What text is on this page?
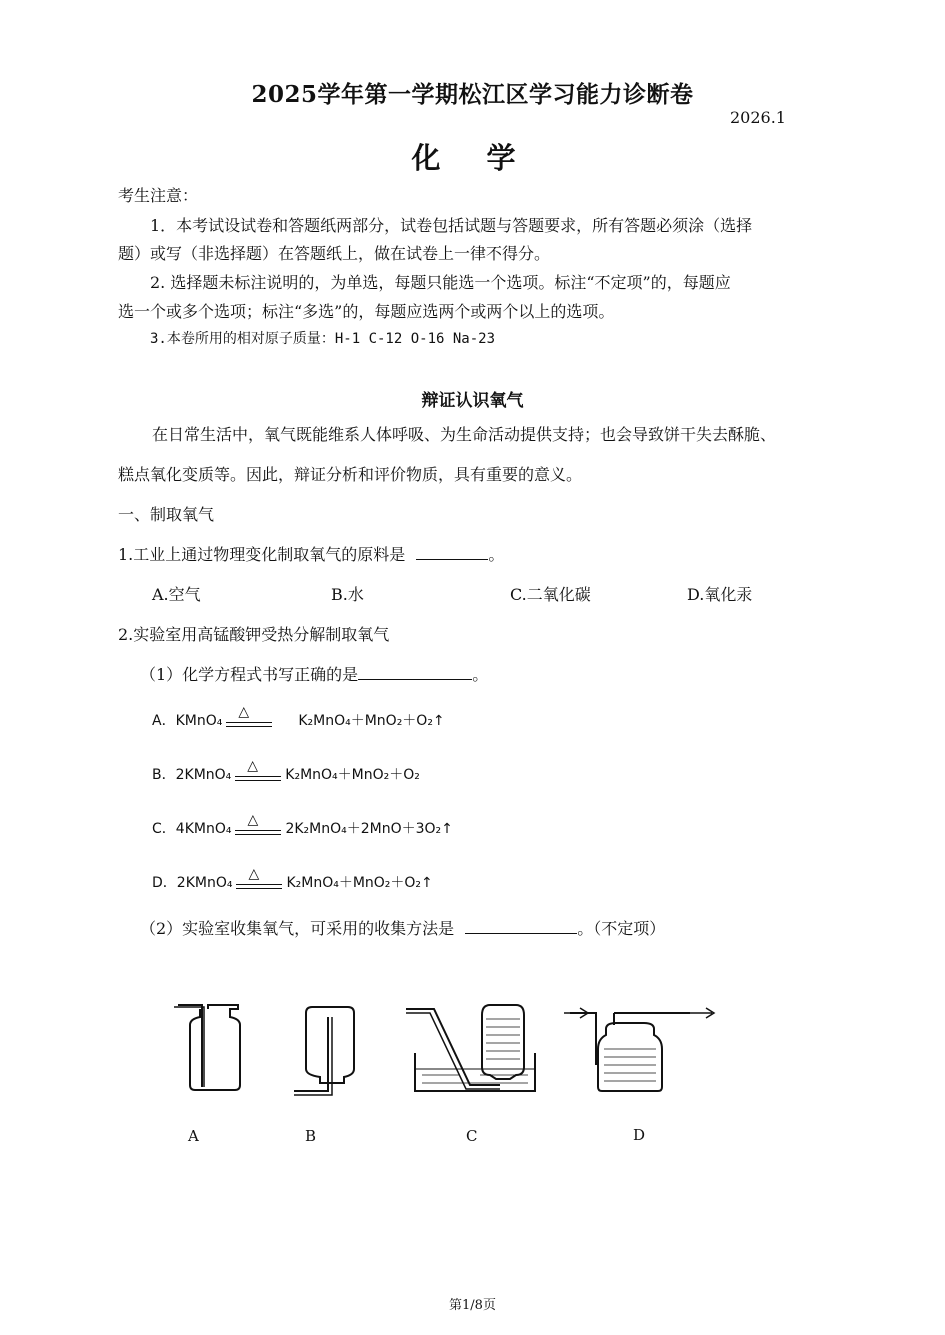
2025学年第一学期松江区学习能力诊断卷
2026.1
化 学
考生注意：
1．本考试设试卷和答题纸两部分，试卷包括试题与答题要求，所有答题必须涂（选择
题）或写（非选择题）在答题纸上，做在试卷上一律不得分。
2. 选择题未标注说明的，为单选，每题只能选一个选项。标注“不定项”的，每题应
选一个或多个选项；标注“多选”的，每题应选两个或两个以上的选项。
3.本卷所用的相对原子质量：H-1 C-12 O-16 Na-23
辩证认识氧气
在日常生活中，氧气既能维系人体呼吸、为生命活动提供支持；也会导致饼干失去酥脆、
糕点氧化变质等。因此，辩证分析和评价物质，具有重要的意义。
一、制取氧气
1.工业上通过物理变化制取氧气的原料是	。
A.空气	B.水	C.二氧化碳	D.氧化汞
2.实验室用高锰酸钾受热分解制取氧气
（1）化学方程式书写正确的是	。
A．KMnO₄
△
K₂MnO₄＋MnO₂＋O₂↑
B．2KMnO₄
△
K₂MnO₄＋MnO₂＋O₂
C．4KMnO₄
△
2K₂MnO₄＋2MnO＋3O₂↑
D．2KMnO₄
△
K₂MnO₄＋MnO₂＋O₂↑
（2）实验室收集氧气，可采用的收集方法是	。（不定项）
A	B	C	D
第1/8页
